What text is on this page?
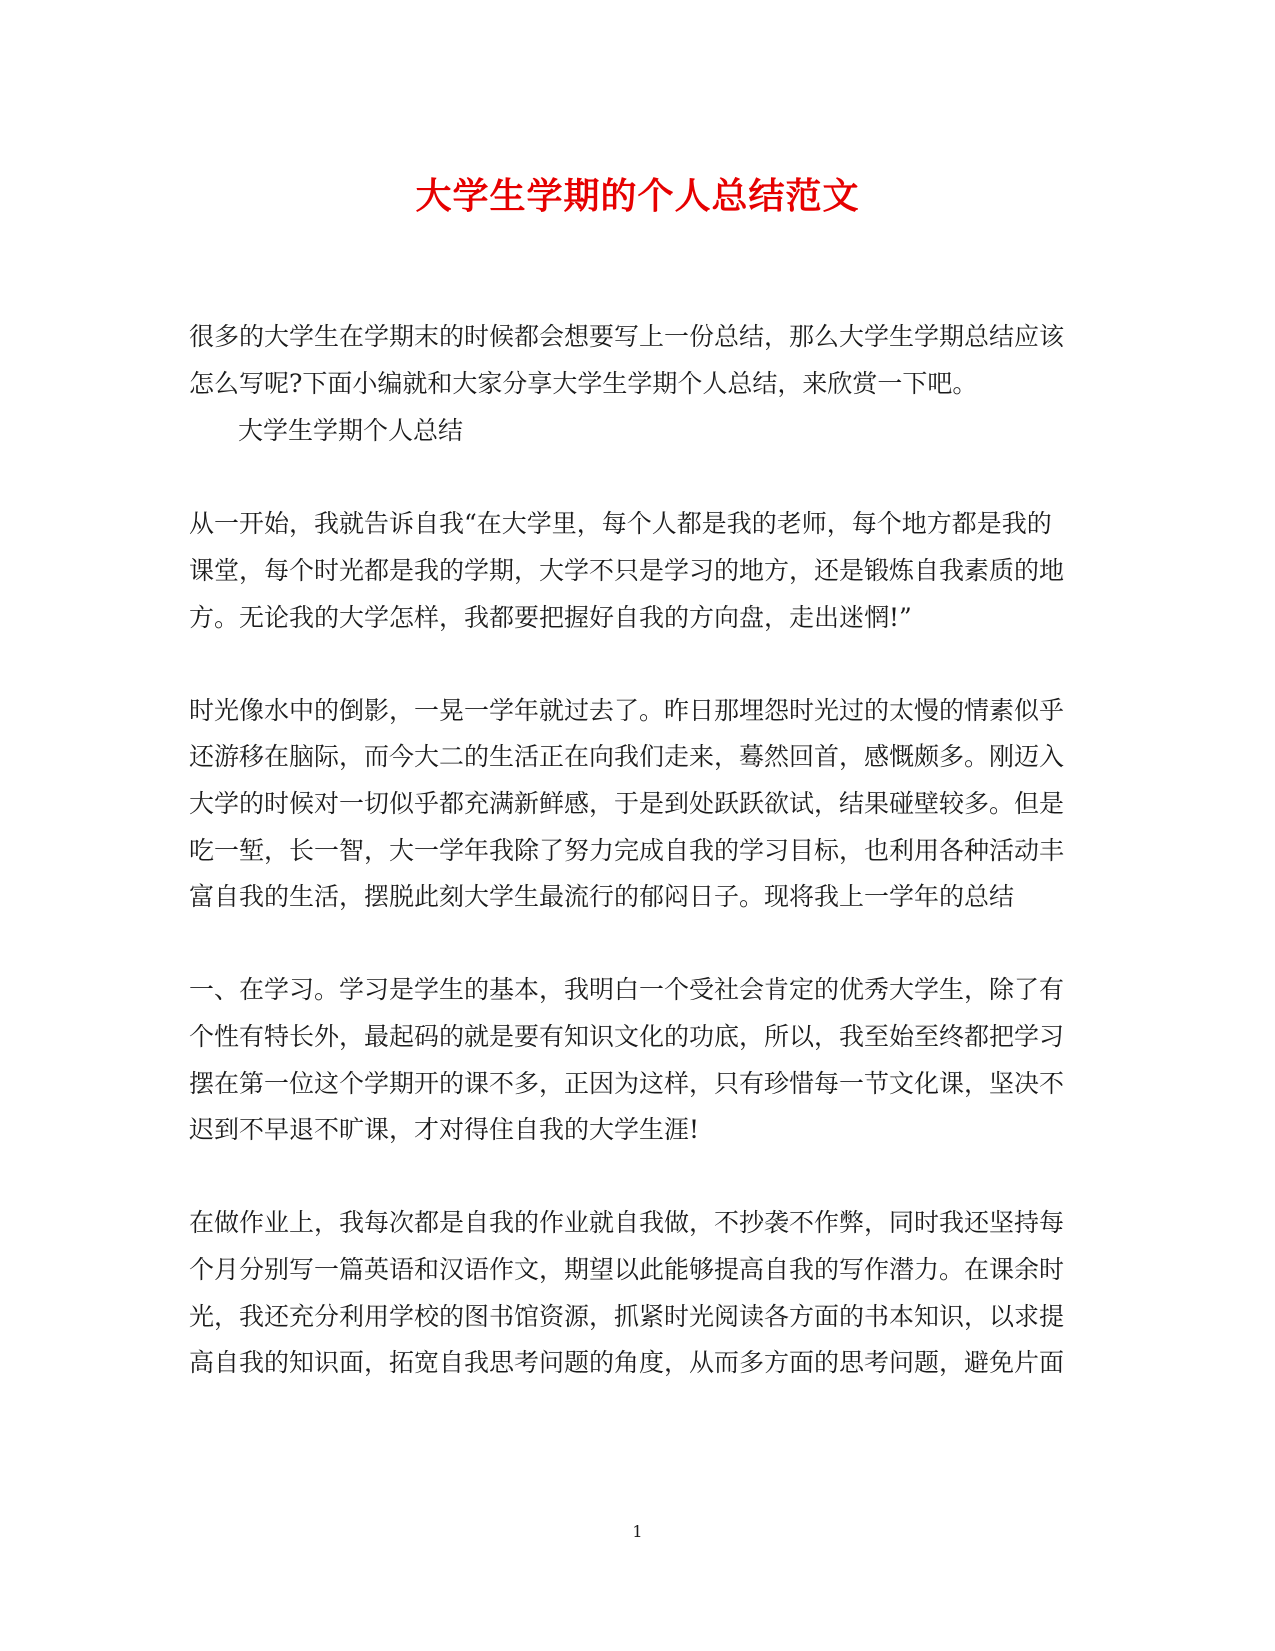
大学生学期的个人总结范文
很多的大学生在学期末的时候都会想要写上一份总结，那么大学生学期总结应该
怎么写呢?下面小编就和大家分享大学生学期个人总结，来欣赏一下吧。
大学生学期个人总结
从一开始，我就告诉自我“在大学里，每个人都是我的老师，每个地方都是我的
课堂，每个时光都是我的学期，大学不只是学习的地方，还是锻炼自我素质的地
方。无论我的大学怎样，我都要把握好自我的方向盘，走出迷惘!”
时光像水中的倒影，一晃一学年就过去了。昨日那埋怨时光过的太慢的情素似乎
还游移在脑际，而今大二的生活正在向我们走来，蓦然回首，感慨颇多。刚迈入
大学的时候对一切似乎都充满新鲜感，于是到处跃跃欲试，结果碰壁较多。但是
吃一堑，长一智，大一学年我除了努力完成自我的学习目标，也利用各种活动丰
富自我的生活，摆脱此刻大学生最流行的郁闷日子。现将我上一学年的总结
一、在学习。学习是学生的基本，我明白一个受社会肯定的优秀大学生，除了有
个性有特长外，最起码的就是要有知识文化的功底，所以，我至始至终都把学习
摆在第一位这个学期开的课不多，正因为这样，只有珍惜每一节文化课，坚决不
迟到不早退不旷课，才对得住自我的大学生涯!
在做作业上，我每次都是自我的作业就自我做，不抄袭不作弊，同时我还坚持每
个月分别写一篇英语和汉语作文，期望以此能够提高自我的写作潜力。在课余时
光，我还充分利用学校的图书馆资源，抓紧时光阅读各方面的书本知识，以求提
高自我的知识面，拓宽自我思考问题的角度，从而多方面的思考问题，避免片面
1
